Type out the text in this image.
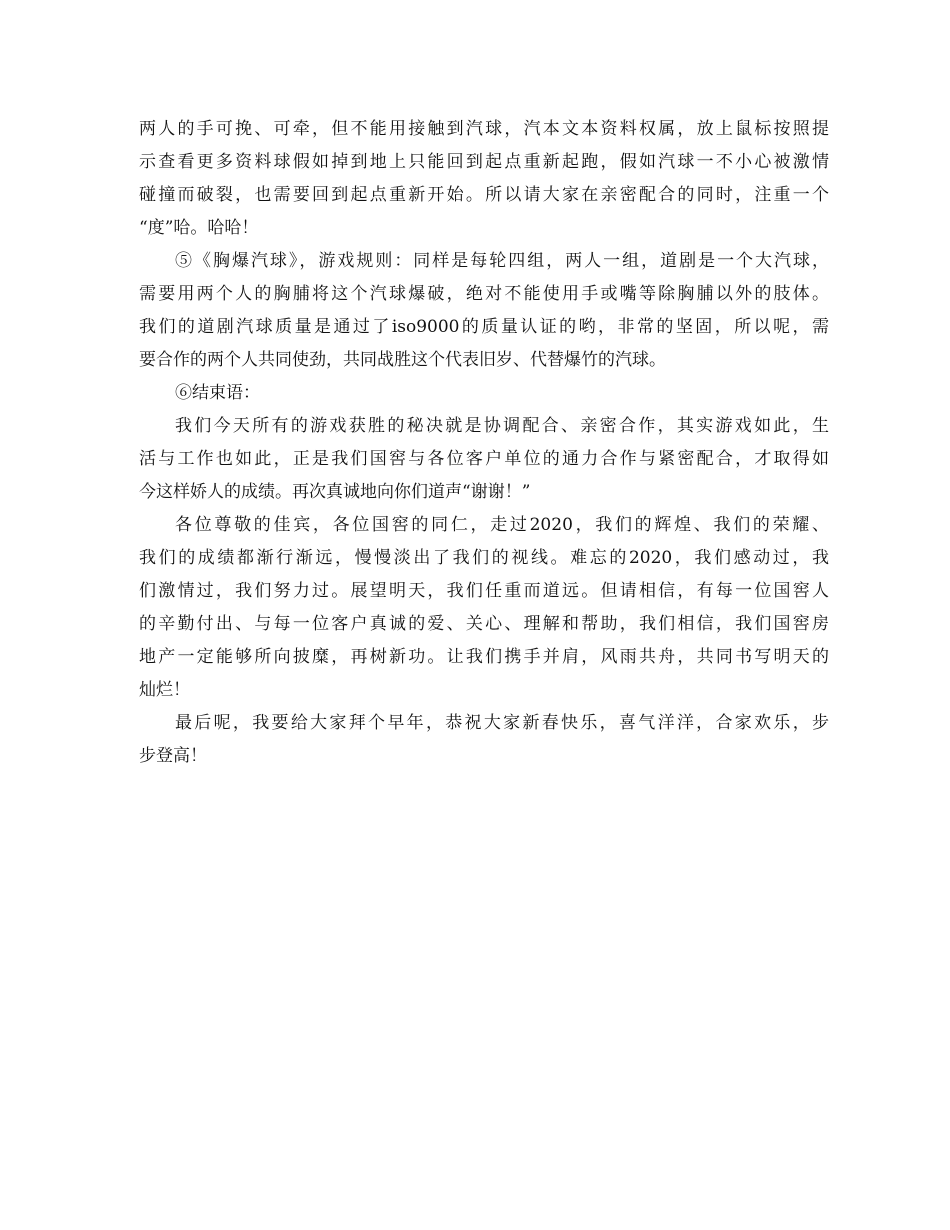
两人的手可挽、可牵，但不能用接触到汽球，汽本文本资料权属，放上鼠标按照提
示查看更多资料球假如掉到地上只能回到起点重新起跑，假如汽球一不小心被激情
碰撞而破裂，也需要回到起点重新开始。所以请大家在亲密配合的同时，注重一个
“度”哈。哈哈！
⑤《胸爆汽球》，游戏规则：同样是每轮四组，两人一组，道剧是一个大汽球，
需要用两个人的胸脯将这个汽球爆破，绝对不能使用手或嘴等除胸脯以外的肢体。
我们的道剧汽球质量是通过了iso9000的质量认证的哟，非常的坚固，所以呢，需
要合作的两个人共同使劲，共同战胜这个代表旧岁、代替爆竹的汽球。
⑥结束语：
我们今天所有的游戏获胜的秘决就是协调配合、亲密合作，其实游戏如此，生
活与工作也如此，正是我们国窖与各位客户单位的通力合作与紧密配合，才取得如
今这样娇人的成绩。再次真诚地向你们道声“谢谢！”
各位尊敬的佳宾，各位国窖的同仁，走过2020，我们的辉煌、我们的荣耀、
我们的成绩都渐行渐远，慢慢淡出了我们的视线。难忘的2020，我们感动过，我
们激情过，我们努力过。展望明天，我们任重而道远。但请相信，有每一位国窖人
的辛勤付出、与每一位客户真诚的爱、关心、理解和帮助，我们相信，我们国窖房
地产一定能够所向披糜，再树新功。让我们携手并肩，风雨共舟，共同书写明天的
灿烂！
最后呢，我要给大家拜个早年，恭祝大家新春快乐，喜气洋洋，合家欢乐，步
步登高！
